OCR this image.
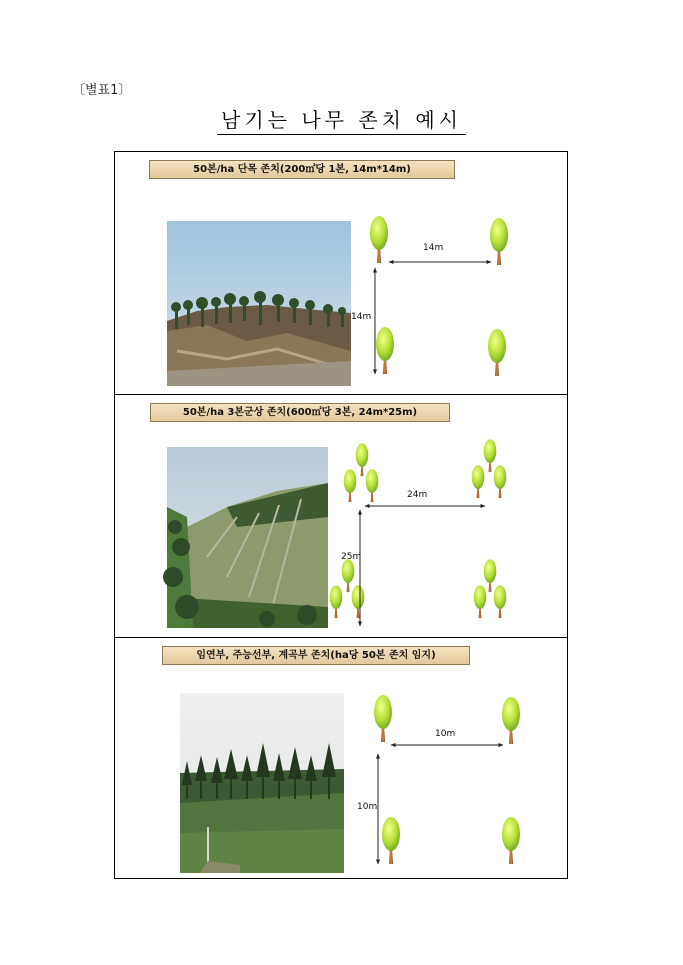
〔별표1〕
남기는 나무 존치 예시
50본/ha 단목 존치(200㎡당 1본, 14m*14m)
14m
14m
50본/ha 3본군상 존치(600㎡당 3본, 24m*25m)
24m
25m
임연부, 주능선부, 계곡부 존치(ha당 50본 존치 임지)
10m
10m
